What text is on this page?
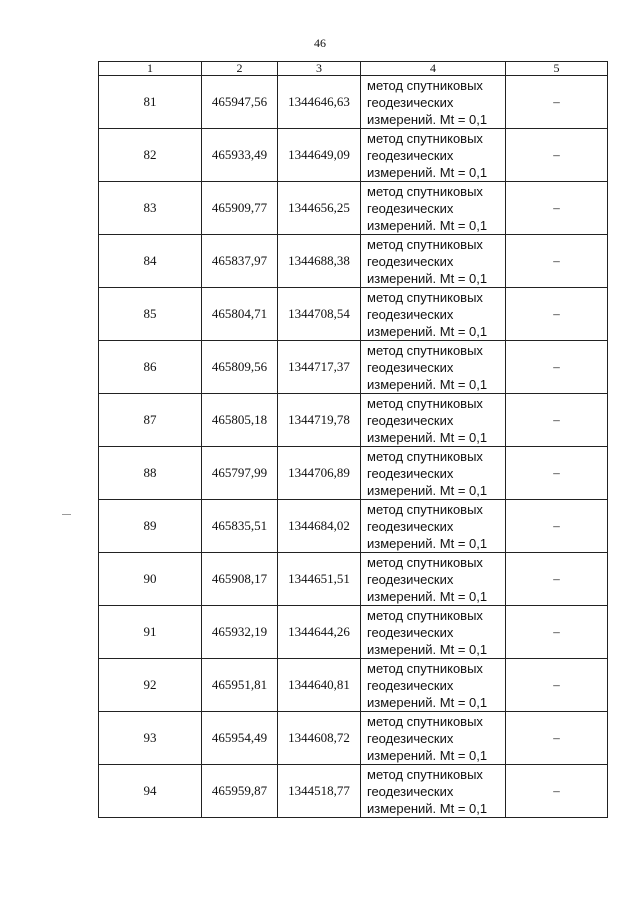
46
1	2	3	4	5
81	465947,56	1344646,63	метод спутниковых
геодезических
измерений. Mt = 0,1	–
82	465933,49	1344649,09	метод спутниковых
геодезических
измерений. Mt = 0,1	–
83	465909,77	1344656,25	метод спутниковых
геодезических
измерений. Mt = 0,1	–
84	465837,97	1344688,38	метод спутниковых
геодезических
измерений. Mt = 0,1	–
85	465804,71	1344708,54	метод спутниковых
геодезических
измерений. Mt = 0,1	–
86	465809,56	1344717,37	метод спутниковых
геодезических
измерений. Mt = 0,1	–
87	465805,18	1344719,78	метод спутниковых
геодезических
измерений. Mt = 0,1	–
88	465797,99	1344706,89	метод спутниковых
геодезических
измерений. Mt = 0,1	–
89	465835,51	1344684,02	метод спутниковых
геодезических
измерений. Mt = 0,1	–
90	465908,17	1344651,51	метод спутниковых
геодезических
измерений. Mt = 0,1	–
91	465932,19	1344644,26	метод спутниковых
геодезических
измерений. Mt = 0,1	–
92	465951,81	1344640,81	метод спутниковых
геодезических
измерений. Mt = 0,1	–
93	465954,49	1344608,72	метод спутниковых
геодезических
измерений. Mt = 0,1	–
94	465959,87	1344518,77	метод спутниковых
геодезических
измерений. Mt = 0,1	–
